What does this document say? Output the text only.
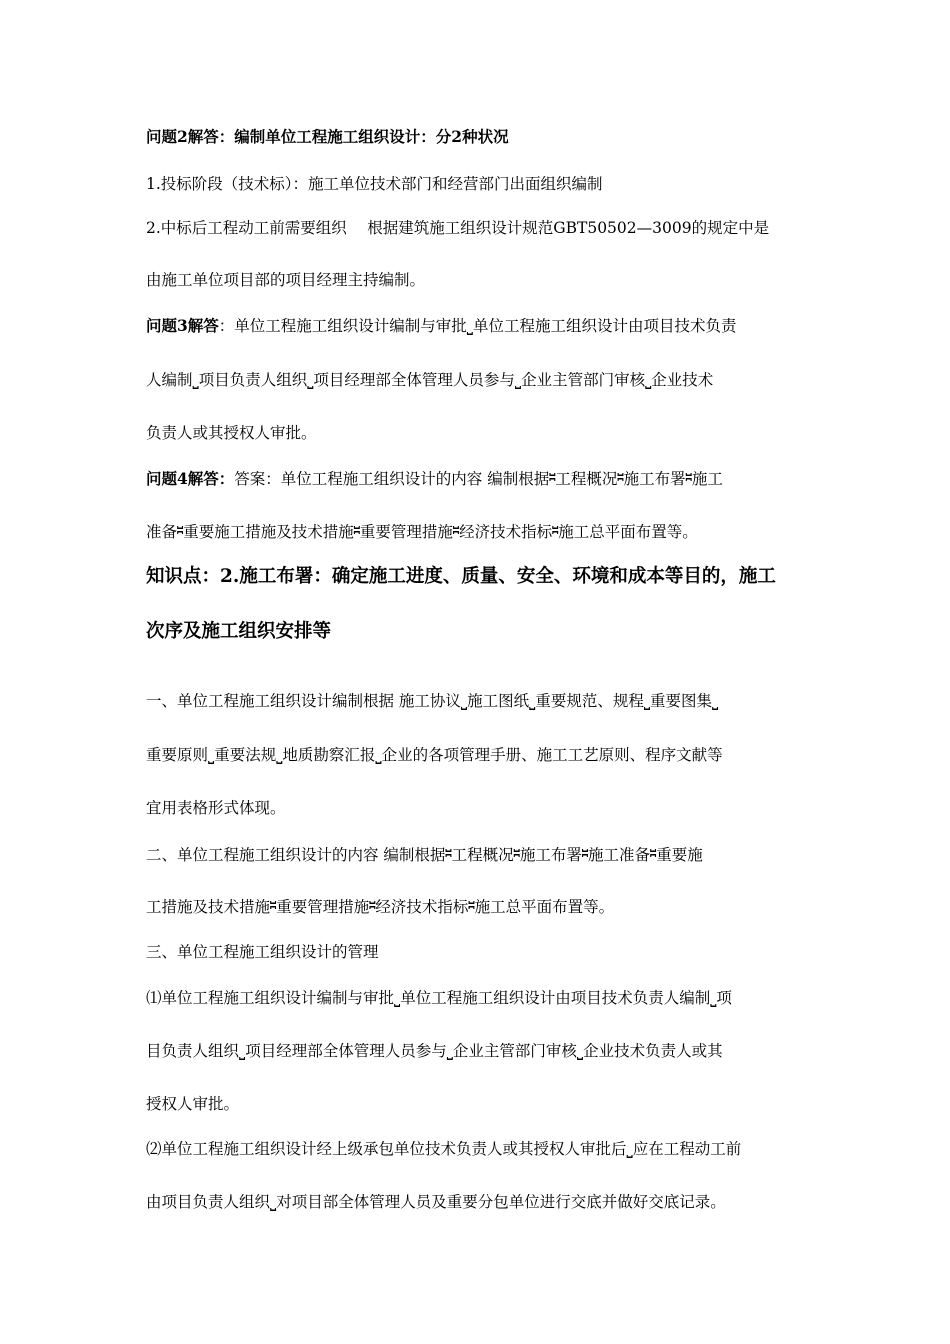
问题2解答：编制单位工程施工组织设计：分2种状况
1.投标阶段（技术标）：施工单位技术部门和经营部门出面组织编制
2.中标后工程动工前需要组织　 根据建筑施工组织设计规范GBT50502—3009的规定中是
由施工单位项目部的项目经理主持编制。
问题3解答：单位工程施工组织设计编制与审批⎵单位工程施工组织设计由项目技术负责
人编制⎵项目负责人组织⎵项目经理部全体管理人员参与⎵企业主管部门审核⎵企业技术
负责人或其授权人审批。
问题4解答：答案：单位工程施工组织设计的内容 编制根据⎶工程概况⎶施工布署⎶施工
准备⎶重要施工措施及技术措施⎶重要管理措施⎶经济技术指标⎶施工总平面布置等。
知识点：2.施工布署：确定施工进度、质量、安全、环境和成本等目的，施工
次序及施工组织安排等
一、单位工程施工组织设计编制根据 施工协议⎵施工图纸⎵重要规范、规程⎵重要图集⎵
重要原则⎵重要法规⎵地质勘察汇报⎵企业的各项管理手册、施工工艺原则、程序文献等
宜用表格形式体现。
二、单位工程施工组织设计的内容 编制根据⎶工程概况⎶施工布署⎶施工准备⎶重要施
工措施及技术措施⎶重要管理措施⎶经济技术指标⎶施工总平面布置等。
三、单位工程施工组织设计的管理
⑴单位工程施工组织设计编制与审批⎵单位工程施工组织设计由项目技术负责人编制⎵项
目负责人组织⎵项目经理部全体管理人员参与⎵企业主管部门审核⎵企业技术负责人或其
授权人审批。
⑵单位工程施工组织设计经上级承包单位技术负责人或其授权人审批后⎵应在工程动工前
由项目负责人组织⎵对项目部全体管理人员及重要分包单位进行交底并做好交底记录。
